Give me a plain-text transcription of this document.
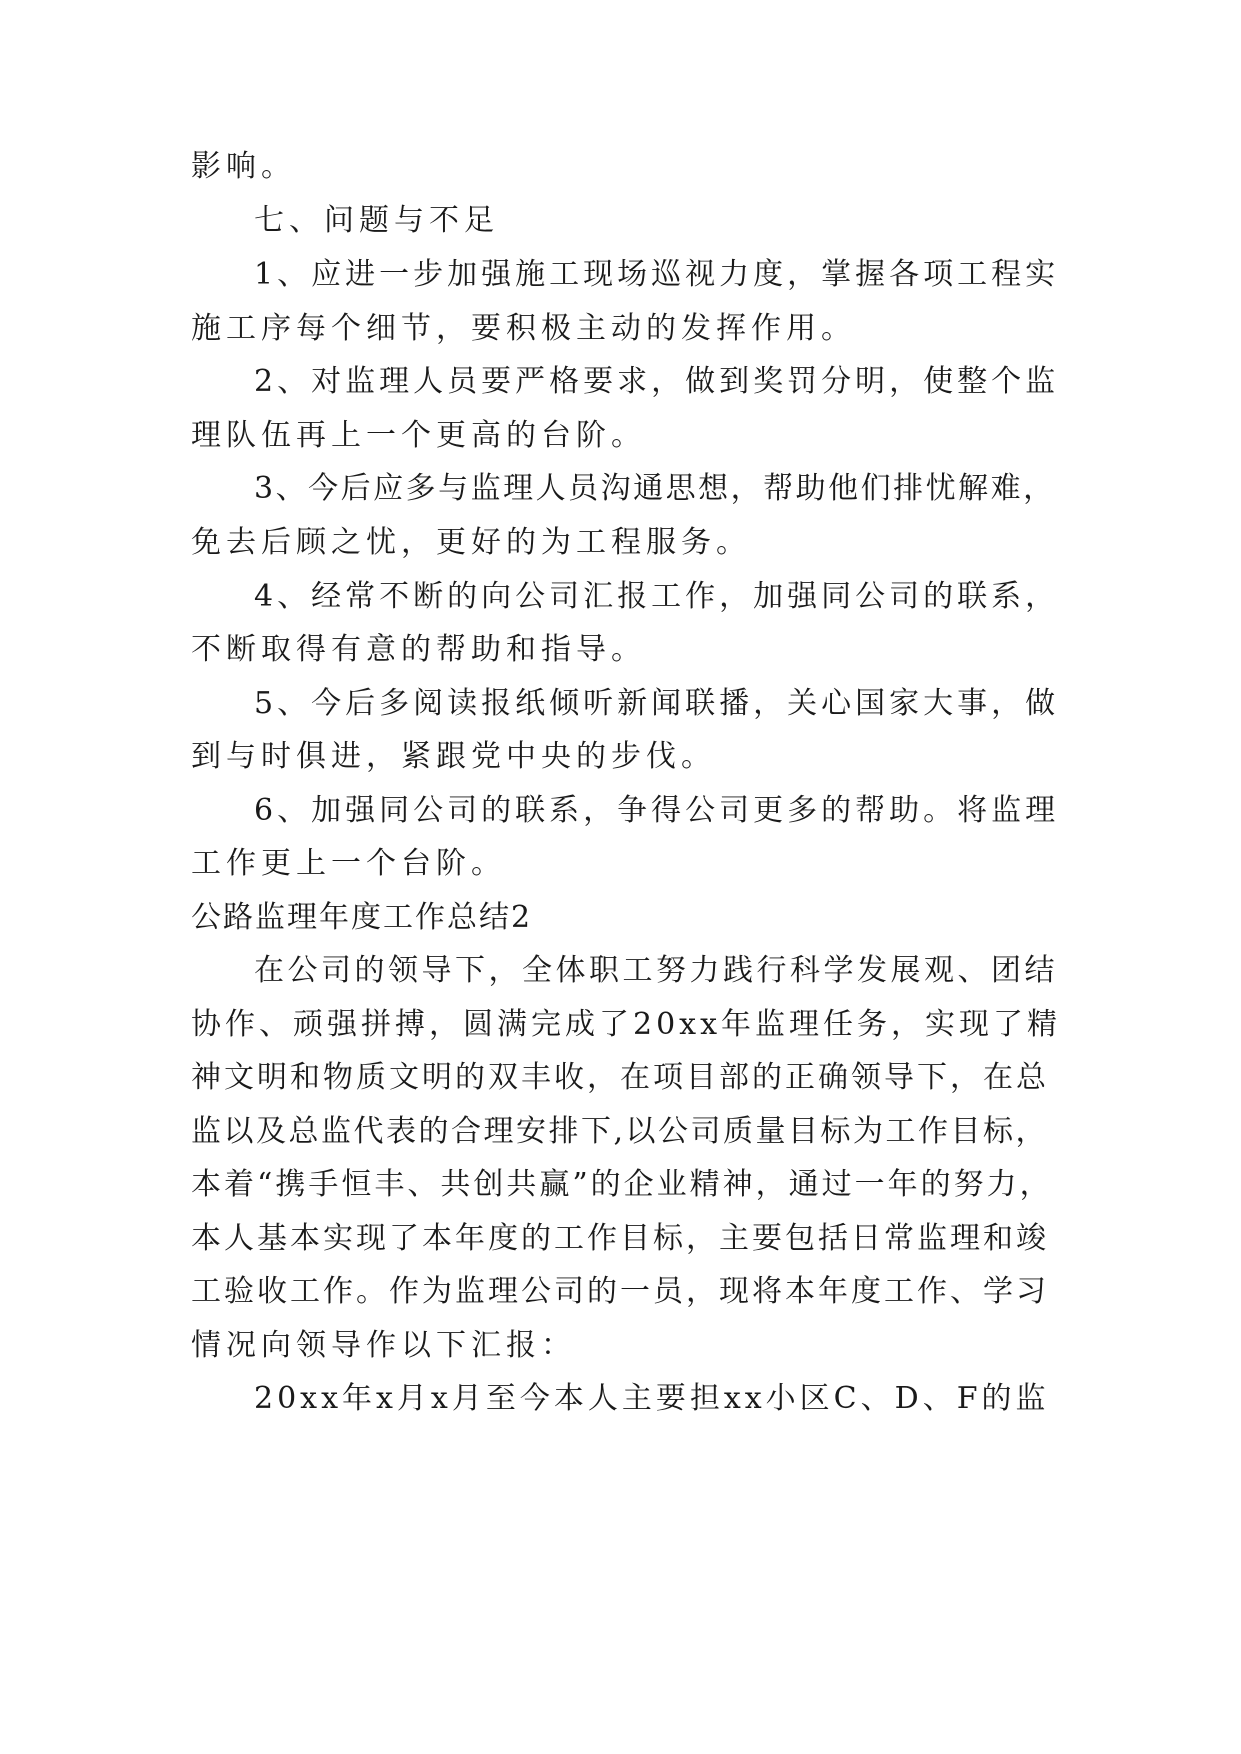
影响。
七、问题与不足
1、应进一步加强施工现场巡视力度，掌握各项工程实
施工序每个细节，要积极主动的发挥作用。
2、对监理人员要严格要求，做到奖罚分明，使整个监
理队伍再上一个更高的台阶。
3、今后应多与监理人员沟通思想，帮助他们排忧解难，
免去后顾之忧，更好的为工程服务。
4、经常不断的向公司汇报工作，加强同公司的联系，
不断取得有意的帮助和指导。
5、今后多阅读报纸倾听新闻联播，关心国家大事，做
到与时俱进，紧跟党中央的步伐。
6、加强同公司的联系，争得公司更多的帮助。将监理
工作更上一个台阶。
公路监理年度工作总结2
在公司的领导下，全体职工努力践行科学发展观、团结
协作、顽强拼搏，圆满完成了20xx年监理任务，实现了精
神文明和物质文明的双丰收，在项目部的正确领导下，在总
监以及总监代表的合理安排下,以公司质量目标为工作目标，
本着“携手恒丰、共创共赢”的企业精神，通过一年的努力，
本人基本实现了本年度的工作目标，主要包括日常监理和竣
工验收工作。作为监理公司的一员，现将本年度工作、学习
情况向领导作以下汇报：
20xx年x月x月至今本人主要担xx小区C、D、F的监
